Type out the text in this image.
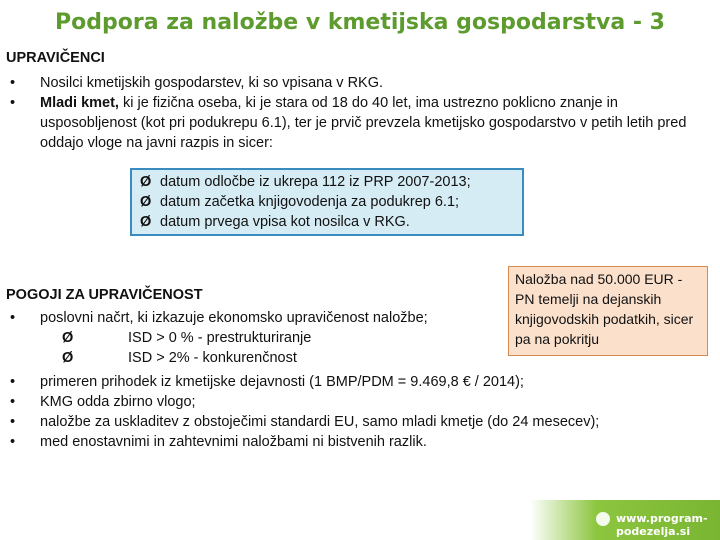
Podpora za naložbe v kmetijska gospodarstva - 3
UPRAVIČENCI
•	Nosilci kmetijskih gospodarstev, ki so vpisana v RKG.
•	Mladi kmet, ki je fizična oseba, ki je stara od 18 do 40 let, ima ustrezno poklicno znanje in usposobljenost (kot pri podukrepu 6.1), ter je prvič prevzela kmetijsko gospodarstvo v petih letih pred oddajo vloge na javni razpis in sicer:
Ø datum odločbe iz ukrepa 112 iz PRP 2007-2013;
Ø datum začetka knjigovodenja za podukrep 6.1;
Ø datum prvega vpisa kot nosilca v RKG.
Naložba nad 50.000 EUR - PN temelji na dejanskih knjigovodskih podatkih, sicer pa na pokritju
POGOJI ZA UPRAVIČENOST
•	poslovni načrt, ki izkazuje ekonomsko upravičenost naložbe;
Ø	ISD > 0 % - prestrukturiranje
Ø	ISD > 2% - konkurenčnost
•	primeren prihodek iz kmetijske dejavnosti (1 BMP/PDM = 9.469,8 € / 2014);
•	KMG odda zbirno vlogo;
•	naložbe za uskladitev z obstoječimi standardi EU, samo mladi kmetje (do 24 mesecev);
•	med enostavnimi in zahtevnimi naložbami ni bistvenih razlik.
www.program-podezelja.si
